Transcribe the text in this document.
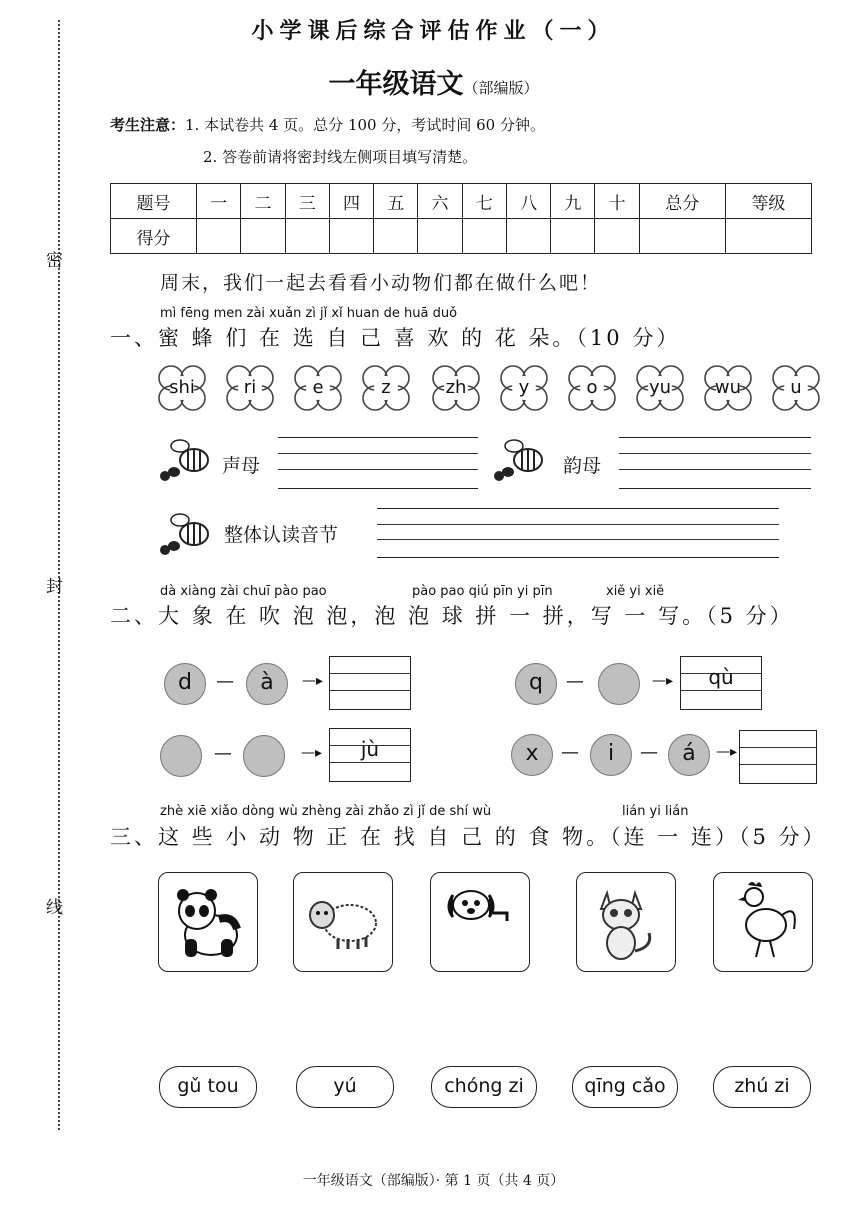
密
封
线
小学课后综合评估作业（一）
一年级语文（部编版）
考生注意：1. 本试卷共 4 页。总分 100 分，考试时间 60 分钟。
2. 答卷前请将密封线左侧项目填写清楚。
题号	一	二	三	四	五	六	七	八	九	十	总分	等级
得分												
周末，我们一起去看看小动物们都在做什么吧！
mì fēng men zài xuǎn zì jǐ xǐ huan de huā duǒ
一、蜜 蜂 们 在 选 自 己 喜 欢 的 花 朵。（10 分）
shi	ri	e	z	zh	y	o	yu	wu	u
声母	韵母
整体认读音节
dà xiàng zài chuī pào pao	pào pao qiú pīn yi pīn	xiě yi xiě
二、大 象 在 吹 泡 泡，泡 泡 球 拼 一 拼，写 一 写。（5 分）
d	—	à	—▸	q	—	—▸	qù
—	—▸	jù	x	—	i	—	á	—▸
zhè xiē xiǎo dòng wù zhèng zài zhǎo zì jǐ de shí wù	lián yi lián
三、这 些 小 动 物 正 在 找 自 己 的 食 物。（连 一 连）（5 分）
gǔ tou	yú	chóng zi	qīng cǎo	zhú zi
一年级语文（部编版）· 第 1 页（共 4 页）
